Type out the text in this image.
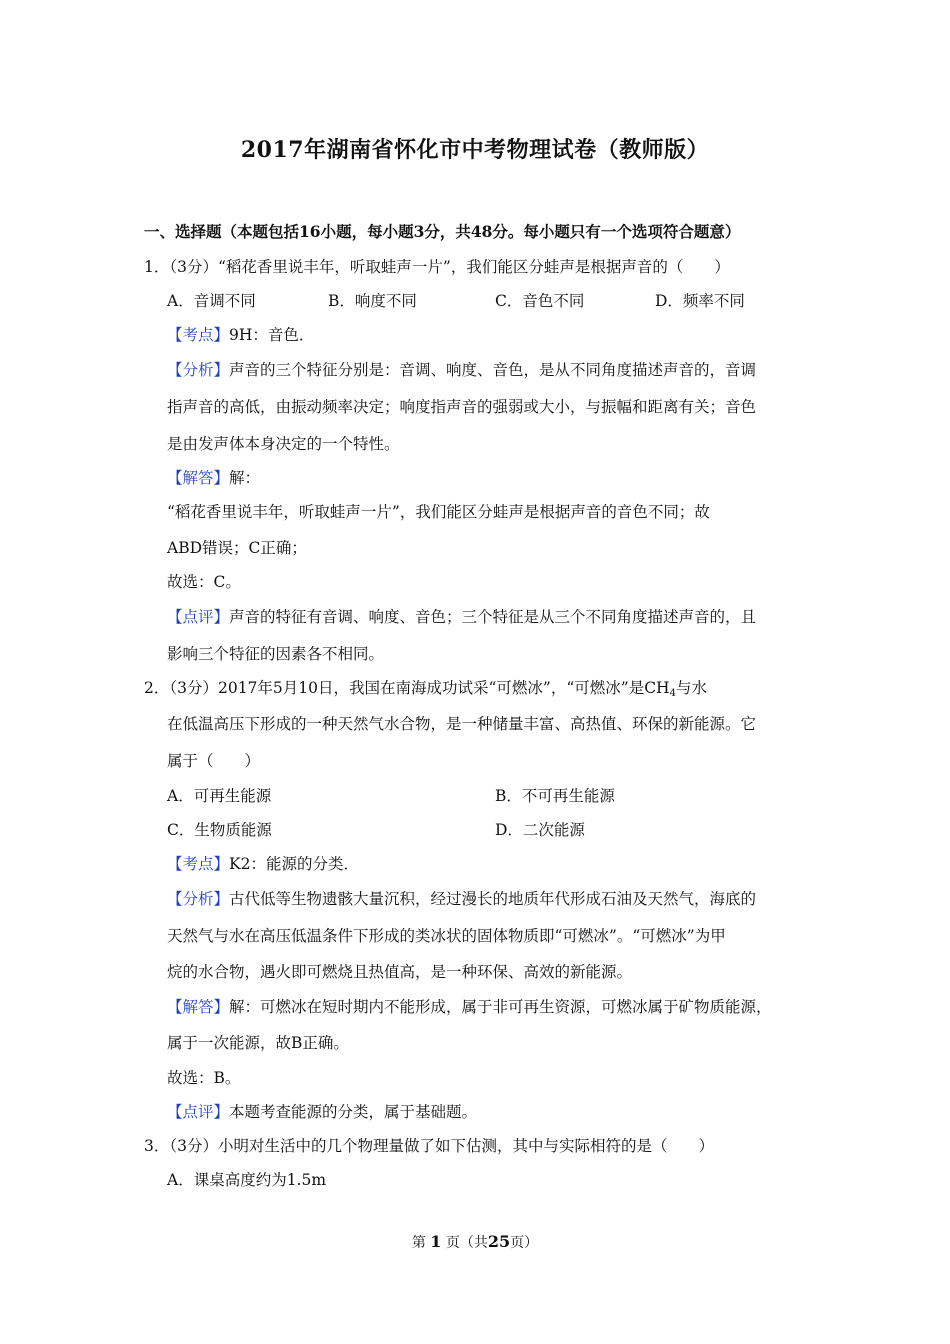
2017年湖南省怀化市中考物理试卷（教师版）
一、选择题（本题包括16小题，每小题3分，共48分。每小题只有一个选项符合题意）
1．（3分）“稻花香里说丰年，听取蛙声一片”，我们能区分蛙声是根据声音的（　　）
A．音调不同	B．响度不同	C．音色不同	D．频率不同
【考点】9H：音色．
【分析】声音的三个特征分别是：音调、响度、音色，是从不同角度描述声音的，音调
指声音的高低，由振动频率决定；响度指声音的强弱或大小，与振幅和距离有关；音色
是由发声体本身决定的一个特性。
【解答】解：
“稻花香里说丰年，听取蛙声一片”，我们能区分蛙声是根据声音的音色不同；故
ABD错误；C正确；
故选：C。
【点评】声音的特征有音调、响度、音色；三个特征是从三个不同角度描述声音的，且
影响三个特征的因素各不相同。
2．（3分）2017年5月10日，我国在南海成功试采“可燃冰”，“可燃冰”是$CH_4$与水
在低温高压下形成的一种天然气水合物，是一种储量丰富、高热值、环保的新能源。它
属于（　　）
A．可再生能源	B．不可再生能源
C．生物质能源	D．二次能源
【考点】K2：能源的分类．
【分析】古代低等生物遗骸大量沉积，经过漫长的地质年代形成石油及天然气，海底的
天然气与水在高压低温条件下形成的类冰状的固体物质即“可燃冰”。“可燃冰”为甲
烷的水合物，遇火即可燃烧且热值高，是一种环保、高效的新能源。
【解答】解：可燃冰在短时期内不能形成，属于非可再生资源，可燃冰属于矿物质能源，
属于一次能源，故B正确。
故选：B。
【点评】本题考查能源的分类，属于基础题。
3．（3分）小明对生活中的几个物理量做了如下估测，其中与实际相符的是（　　）
A．课桌高度约为1.5m
第 1 页（共25页）
